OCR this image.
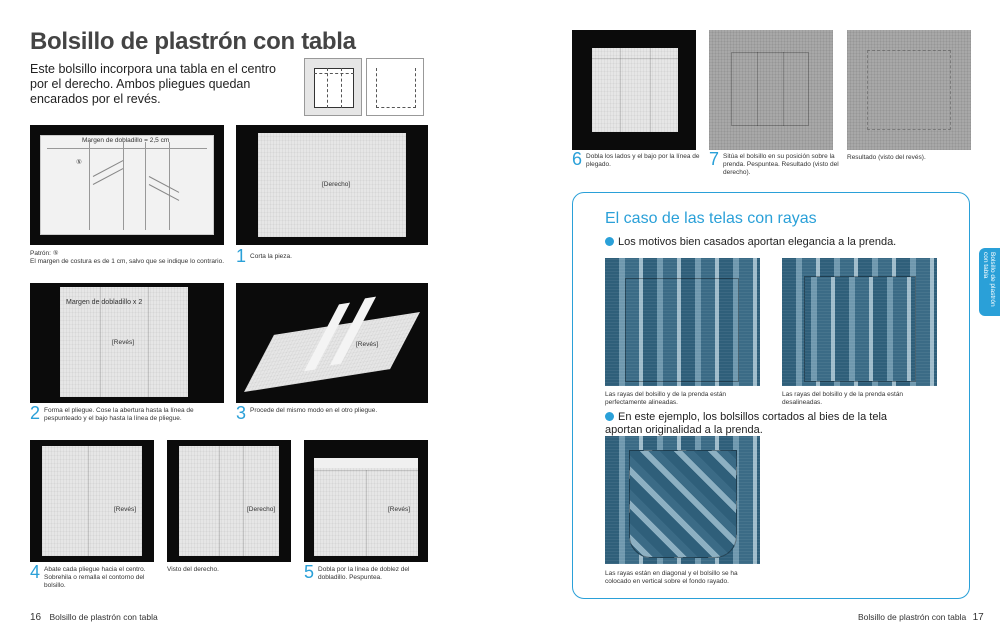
Bolsillo de plastrón con tabla
Este bolsillo incorpora una tabla en el centro por el derecho. Ambos pliegues quedan encarados por el revés.
Margen de dobladillo = 2,5 cm
⑤
Patrón: ⑤
El margen de costura es de 1 cm, salvo que se indique lo contrario.
[Derecho]
1 Corta la pieza.
Margen de dobladillo x 2
[Revés]
2 Forma el pliegue. Cose la abertura hasta la línea de pespunteado y el bajo hasta la línea de pliegue.
[Revés]
3 Procede del mismo modo en el otro pliegue.
[Revés]
4 Abate cada pliegue hacia el centro. Sobrehila o remalla el contorno del bolsillo.
[Derecho]
Visto del derecho.
[Revés]
5 Dobla por la línea de doblez del dobladillo. Pespuntea.
16 Bolsillo de plastrón con tabla
6 Dobla los lados y el bajo por la línea de plegado.	7 Sitúa el bolsillo en su posición sobre la prenda. Pespuntea. Resultado (visto del derecho).
Resultado (visto del revés).
El caso de las telas con rayas
Los motivos bien casados aportan elegancia a la prenda.
Las rayas del bolsillo y de la prenda están perfectamente alineadas.
Las rayas del bolsillo y de la prenda están desalineadas.
En este ejemplo, los bolsillos cortados al bies de la tela aportan originalidad a la prenda.
Las rayas están en diagonal y el bolsillo se ha colocado en vertical sobre el fondo rayado.
Bolsillo de plastrón con tabla
Bolsillo de plastrón con tabla 17
